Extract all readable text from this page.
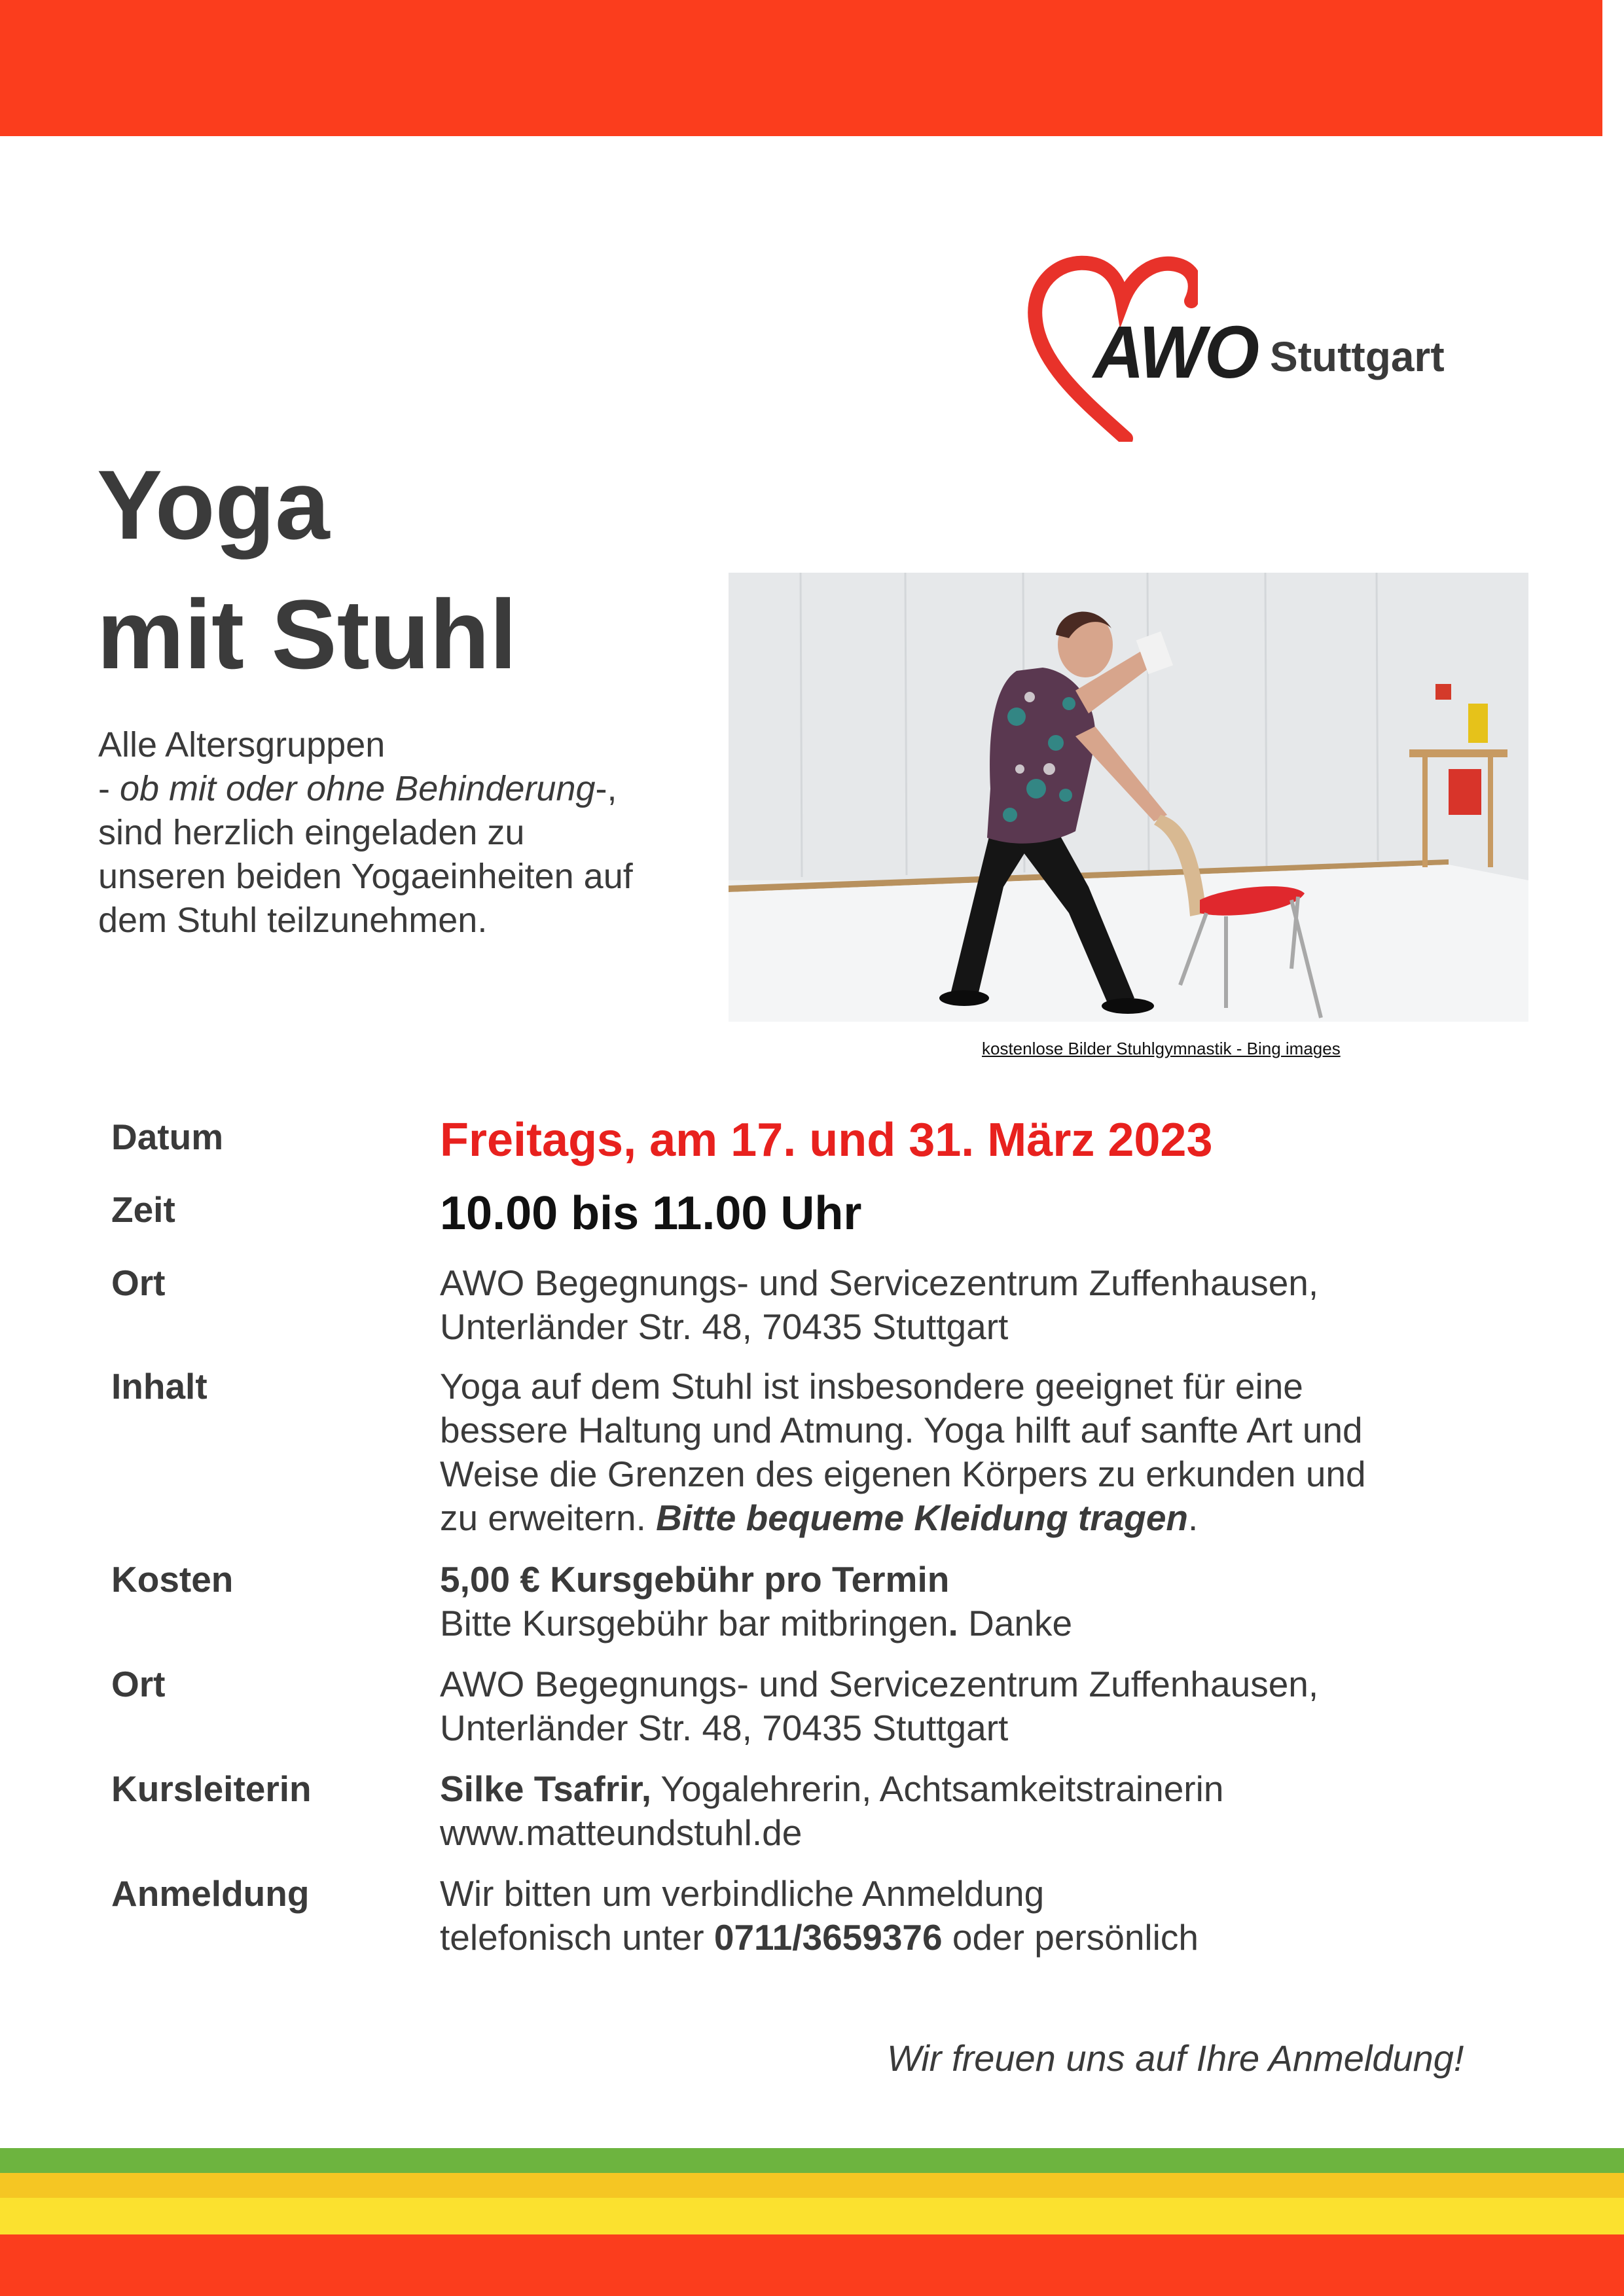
AWO Stuttgart
Yoga
mit Stuhl
Alle Altersgruppen
- ob mit oder ohne Behinderung-,
sind herzlich eingeladen zu
unseren beiden Yogaeinheiten auf
dem Stuhl teilzunehmen.
kostenlose Bilder Stuhlgymnastik - Bing images
Datum	Freitags, am 17. und 31. März 2023
Zeit	10.00 bis 11.00 Uhr
Ort	AWO Begegnungs- und Servicezentrum Zuffenhausen,
Unterländer Str. 48, 70435 Stuttgart
Inhalt	Yoga auf dem Stuhl ist insbesondere geeignet für eine
bessere Haltung und Atmung. Yoga hilft auf sanfte Art und
Weise die Grenzen des eigenen Körpers zu erkunden und
zu erweitern. Bitte bequeme Kleidung tragen.
Kosten	5,00 € Kursgebühr pro Termin
Bitte Kursgebühr bar mitbringen. Danke
Ort	AWO Begegnungs- und Servicezentrum Zuffenhausen,
Unterländer Str. 48, 70435 Stuttgart
Kursleiterin	Silke Tsafrir, Yogalehrerin, Achtsamkeitstrainerin
www.matteundstuhl.de
Anmeldung	Wir bitten um verbindliche Anmeldung
telefonisch unter 0711/3659376 oder persönlich
Wir freuen uns auf Ihre Anmeldung!
